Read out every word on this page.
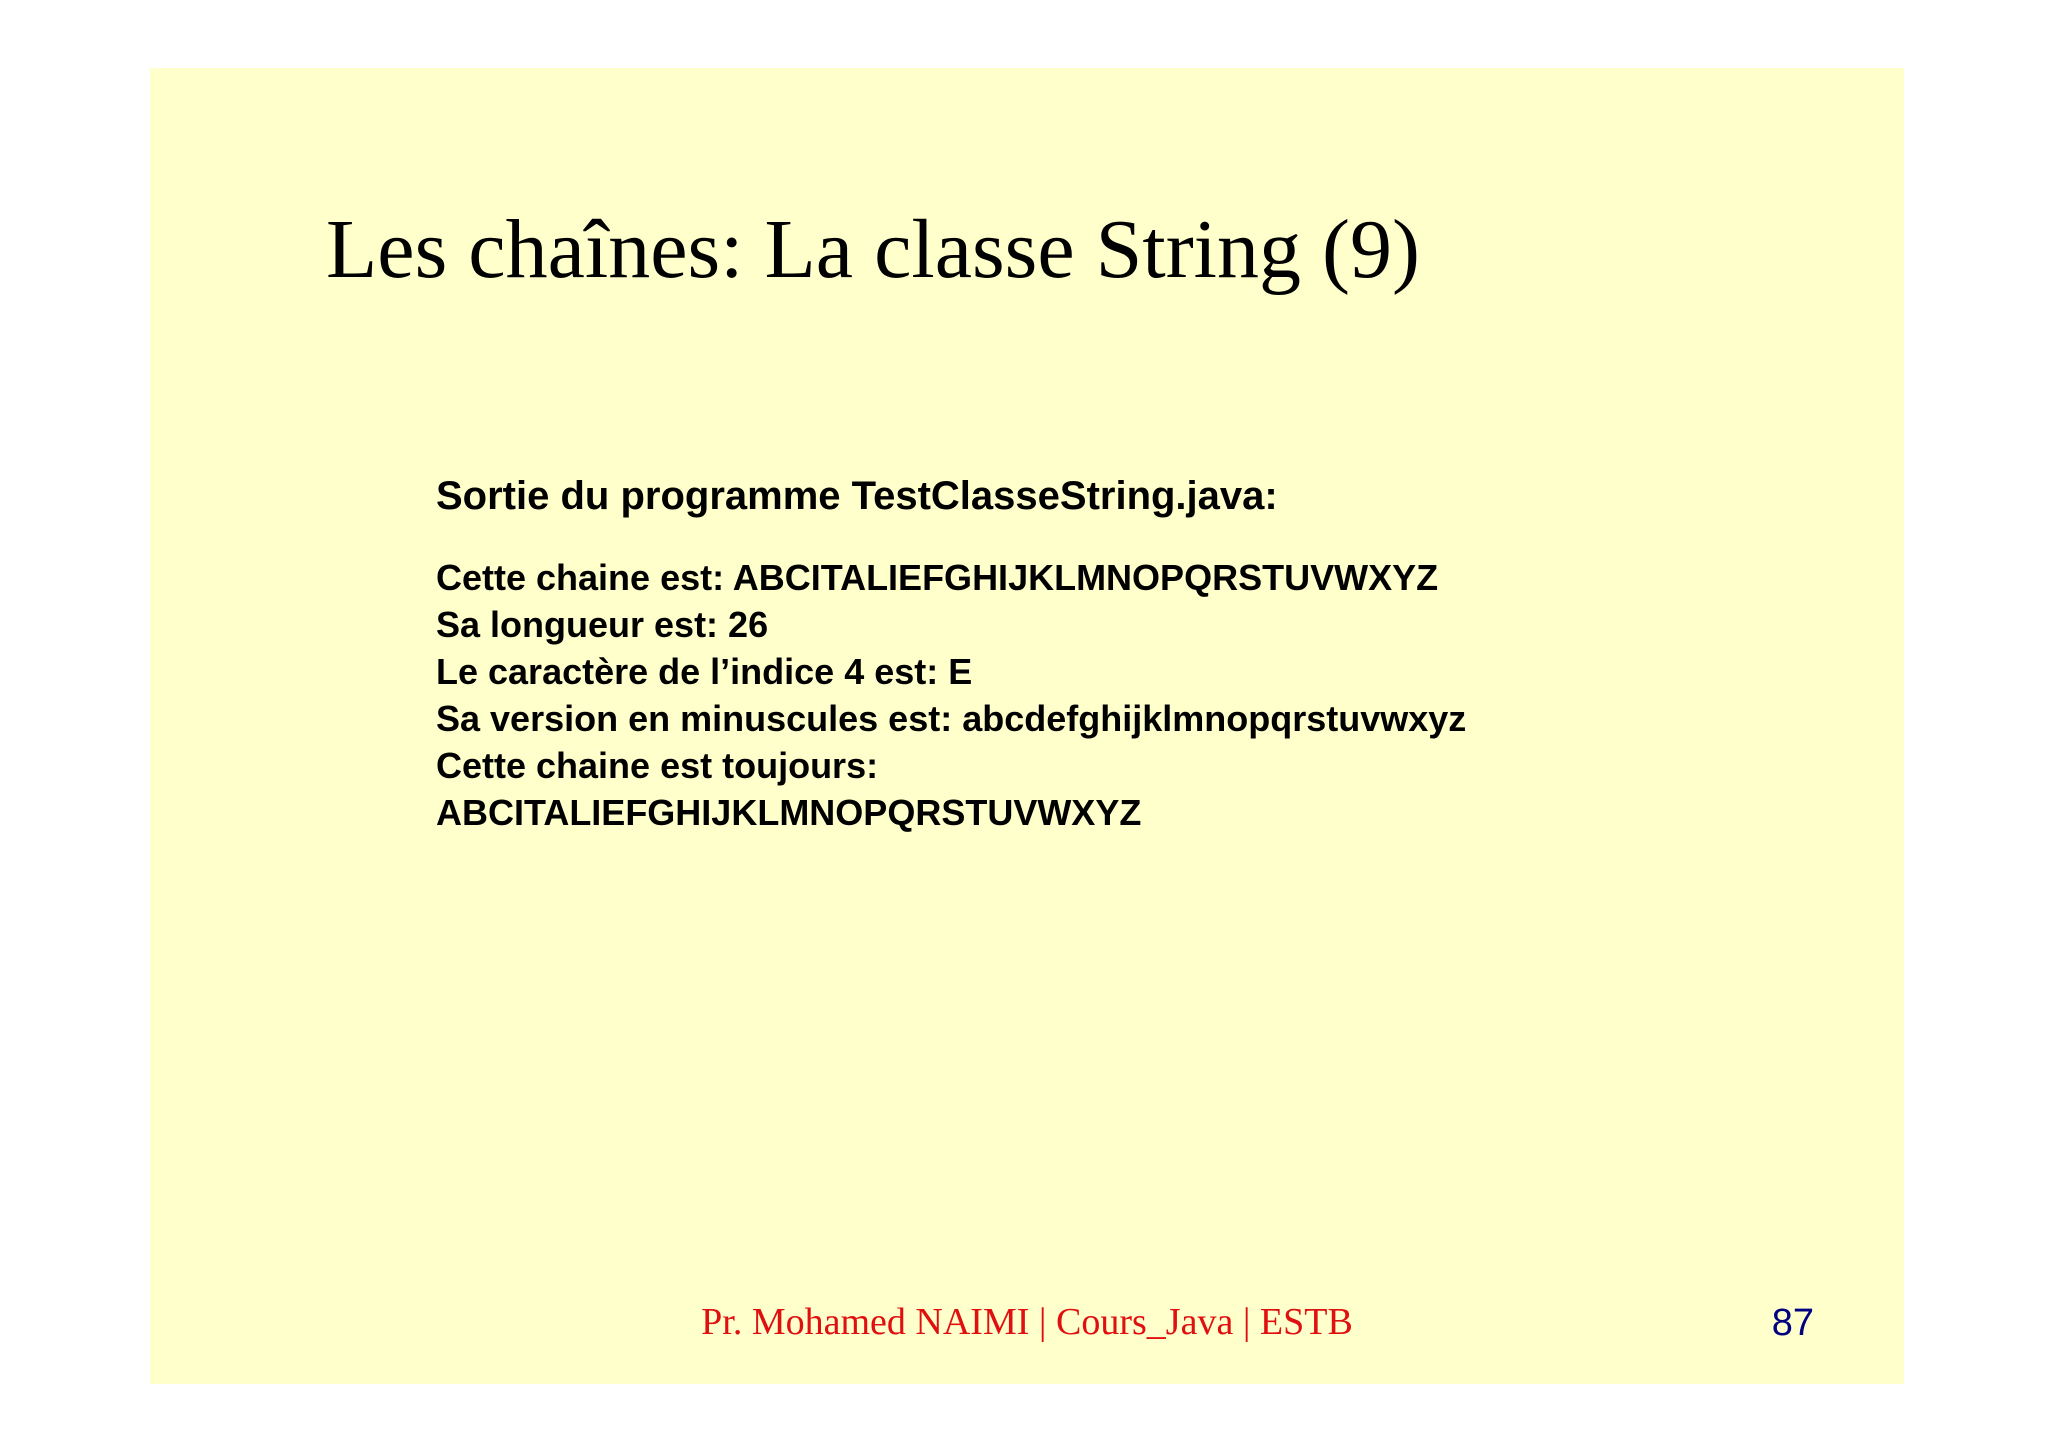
Les chaînes: La classe String (9)

Sortie du programme TestClasseString.java:

Cette chaine est: ABCITALIEFGHIJKLMNOPQRSTUVWXYZ

Sa longueur est: 26

Le caractère de l’indice 4 est: E

Sa version en minuscules est: abcdefghijklmnopqrstuvwxyz

Cette chaine est toujours:

ABCITALIEFGHIJKLMNOPQRSTUVWXYZ

Pr. Mohamed NAIMI | Cours_Java | ESTB	87
